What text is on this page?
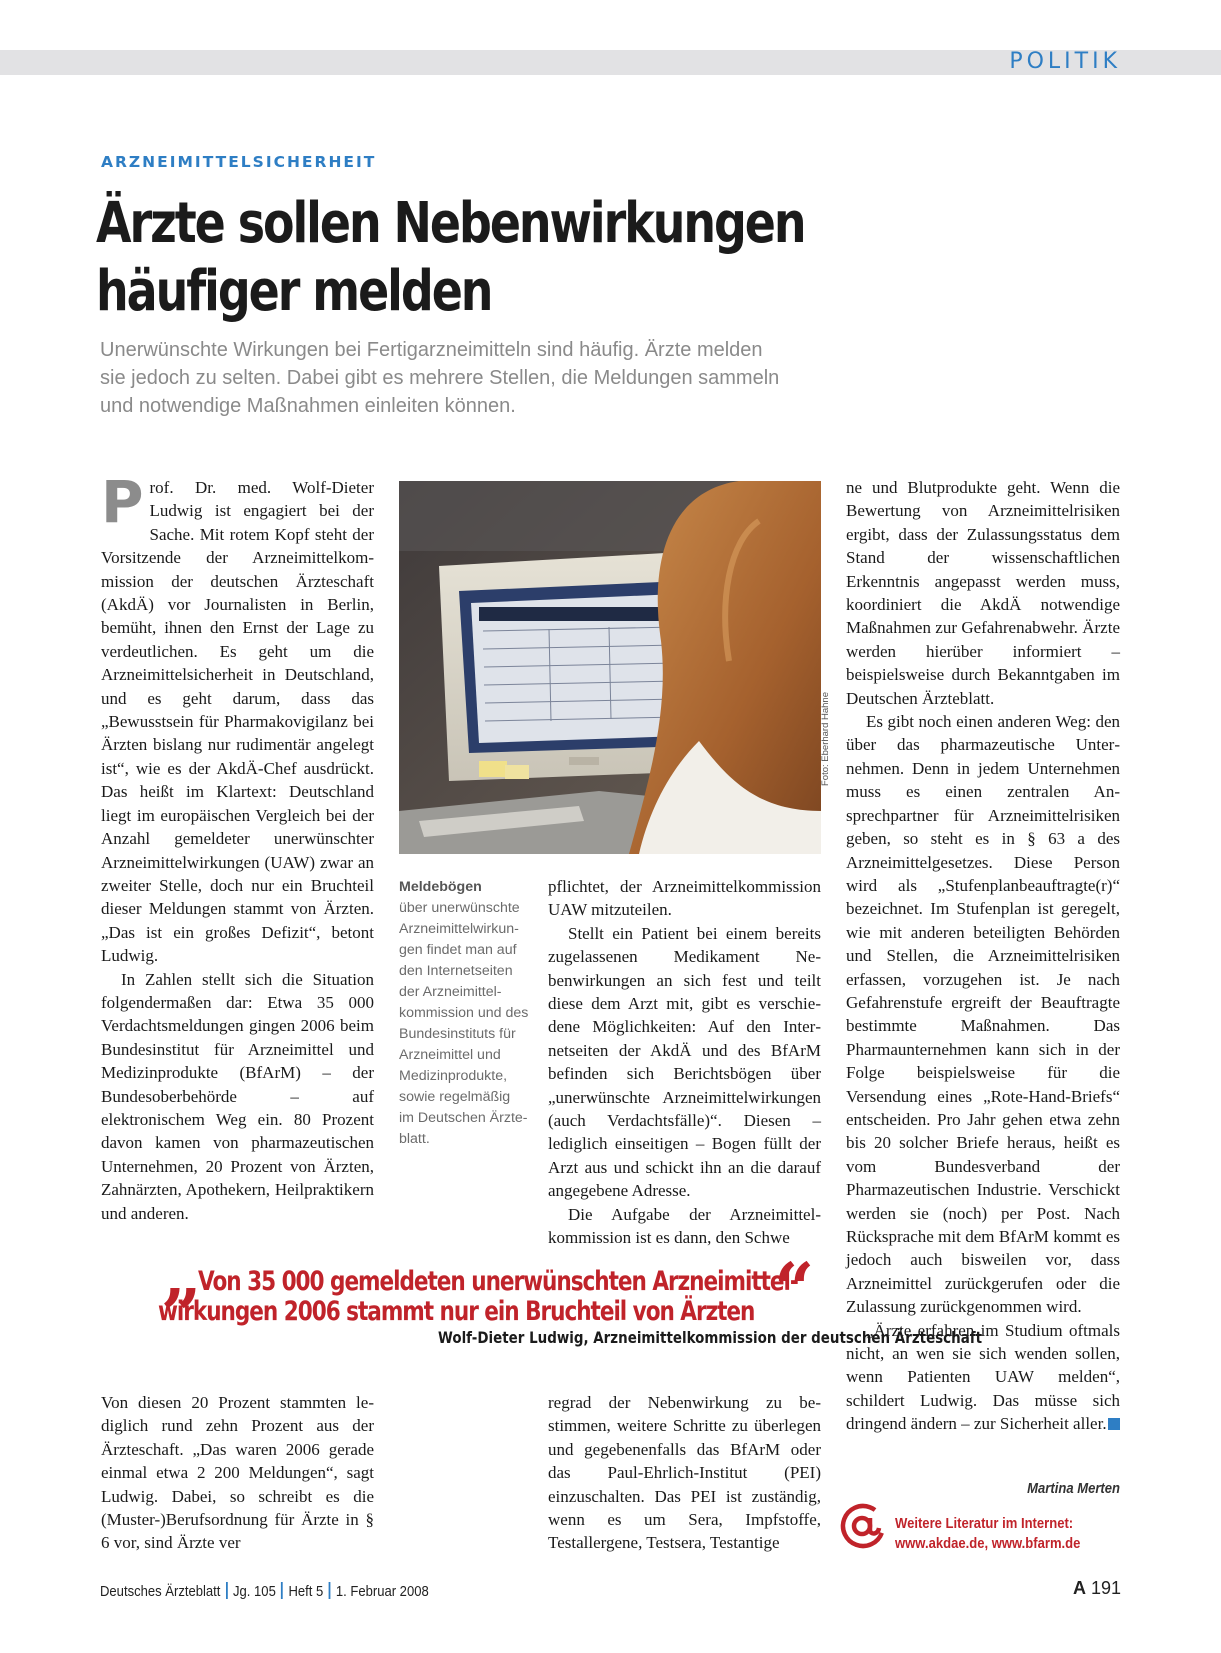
POLITIK
ARZNEIMITTELSICHERHEIT
Ärzte sollen Nebenwirkungen
häufiger melden
Unerwünschte Wirkungen bei Fertigarzneimitteln sind häufig. Ärzte melden
sie jedoch zu selten. Dabei gibt es mehrere Stellen, die Meldungen sammeln
und notwendige Maßnahmen einleiten können.

Prof. Dr. med. Wolf-Dieter Ludwig ist engagiert bei der Sache. Mit rotem Kopf steht der Vorsitzende der Arzneimittelkommission der deutschen Ärzteschaft (AkdÄ) vor Journalisten in Berlin, bemüht, ihnen den Ernst der Lage zu verdeutlichen. Es geht um die Arzneimittelsicherheit in Deutschland, und es geht darum, dass das „Bewusstsein für Pharmakovigilanz bei Ärzten bislang nur rudimentär angelegt ist“, wie es der AkdÄ-Chef ausdrückt. Das heißt im Klartext: Deutschland liegt im europäischen Vergleich bei der Anzahl gemeldeter unerwünschter Arzneimittelwirkungen (UAW) zwar an zweiter Stelle, doch nur ein Bruchteil dieser Meldungen stammt von Ärzten. „Das ist ein großes Defizit“, betont Ludwig.

In Zahlen stellt sich die Situation folgendermaßen dar: Etwa 35 000 Verdachtsmeldungen gingen 2006 beim Bundesinstitut für Arzneimittel und Medizinprodukte (BfArM) – der Bundesoberbehörde – auf elektronischem Weg ein. 80 Prozent davon kamen von pharmazeutischen Unternehmen, 20 Prozent von Ärzten, Zahnärzten, Apothekern, Heilpraktikern und anderen.

Foto: Eberhard Hahne
Meldebögen
über unerwünschte Arzneimittelwirkungen findet man auf den Internetseiten der Arzneimittelkommission und des Bundesinstituts für Arzneimittel und Medizinprodukte, sowie regelmäßig im Deutschen Ärzteblatt.

pflichtet, der Arzneimittelkommission UAW mitzuteilen.

Stellt ein Patient bei einem bereits zugelassenen Medikament Nebenwirkungen an sich fest und teilt diese dem Arzt mit, gibt es verschiedene Möglichkeiten: Auf den Internetseiten der AkdÄ und des BfArM befinden sich Berichtsbögen über „unerwünschte Arzneimittelwirkungen (auch Verdachtsfälle)“. Diesen – lediglich einseitigen – Bogen füllt der Arzt aus und schickt ihn an die darauf angegebene Adresse.

Die Aufgabe der Arzneimittelkommission ist es dann, den Schwe

ne und Blutprodukte geht. Wenn die Bewertung von Arzneimittelrisiken ergibt, dass der Zulassungsstatus dem Stand der wissenschaftlichen Erkenntnis angepasst werden muss, koordiniert die AkdÄ notwendige Maßnahmen zur Gefahrenabwehr. Ärzte werden hierüber informiert – beispielsweise durch Bekanntgaben im Deutschen Ärzteblatt.

Es gibt noch einen anderen Weg: den über das pharmazeutische Unternehmen. Denn in jedem Unternehmen muss es einen zentralen Ansprechpartner für Arzneimittelrisiken geben, so steht es in § 63 a des Arzneimittelgesetzes. Diese Person wird als „Stufenplanbeauftragte(r)“ bezeichnet. Im Stufenplan ist geregelt, wie mit anderen beteiligten Behörden und Stellen, die Arzneimittelrisiken erfassen, vorzugehen ist. Je nach Gefahrenstufe ergreift der Beauftragte bestimmte Maßnahmen. Das Pharmaunternehmen kann sich in der Folge beispielsweise für die Versendung eines „Rote-Hand-Briefs“ entscheiden. Pro Jahr gehen etwa zehn bis 20 solcher Briefe heraus, heißt es vom Bundesverband der Pharmazeutischen Industrie. Verschickt werden sie (noch) per Post. Nach Rücksprache mit dem BfArM kommt es jedoch auch bisweilen vor, dass Arzneimittel zurückgerufen oder die Zulassung zurückgenommen wird.

„Ärzte erfahren im Studium oftmals nicht, an wen sie sich wenden sollen, wenn Patienten UAW melden“, schildert Ludwig. Das müsse sich dringend ändern – zur Sicherheit aller.

„
Von 35 000 gemeldeten unerwünschten Arzneimittel-
wirkungen 2006 stammt nur ein Bruchteil von Ärzten “
Wolf-Dieter Ludwig, Arzneimittelkommission der deutschen Ärzteschaft

Von diesen 20 Prozent stammten lediglich rund zehn Prozent aus der Ärzteschaft. „Das waren 2006 gerade einmal etwa 2 200 Meldungen“, sagt Ludwig. Dabei, so schreibt es die (Muster-)Berufsordnung für Ärzte in § 6 vor, sind Ärzte ver

regrad der Nebenwirkung zu bestimmen, weitere Schritte zu überlegen und gegebenenfalls das BfArM oder das Paul-Ehrlich-Institut (PEI) einzuschalten. Das PEI ist zuständig, wenn es um Sera, Impfstoffe, Testallergene, Testsera, Testantige

Martina Merten
Weitere Literatur im Internet:
www.akdae.de, www.bfarm.de
Deutsches Ärzteblatt Jg. 105 Heft 5 1. Februar 2008	A 191
